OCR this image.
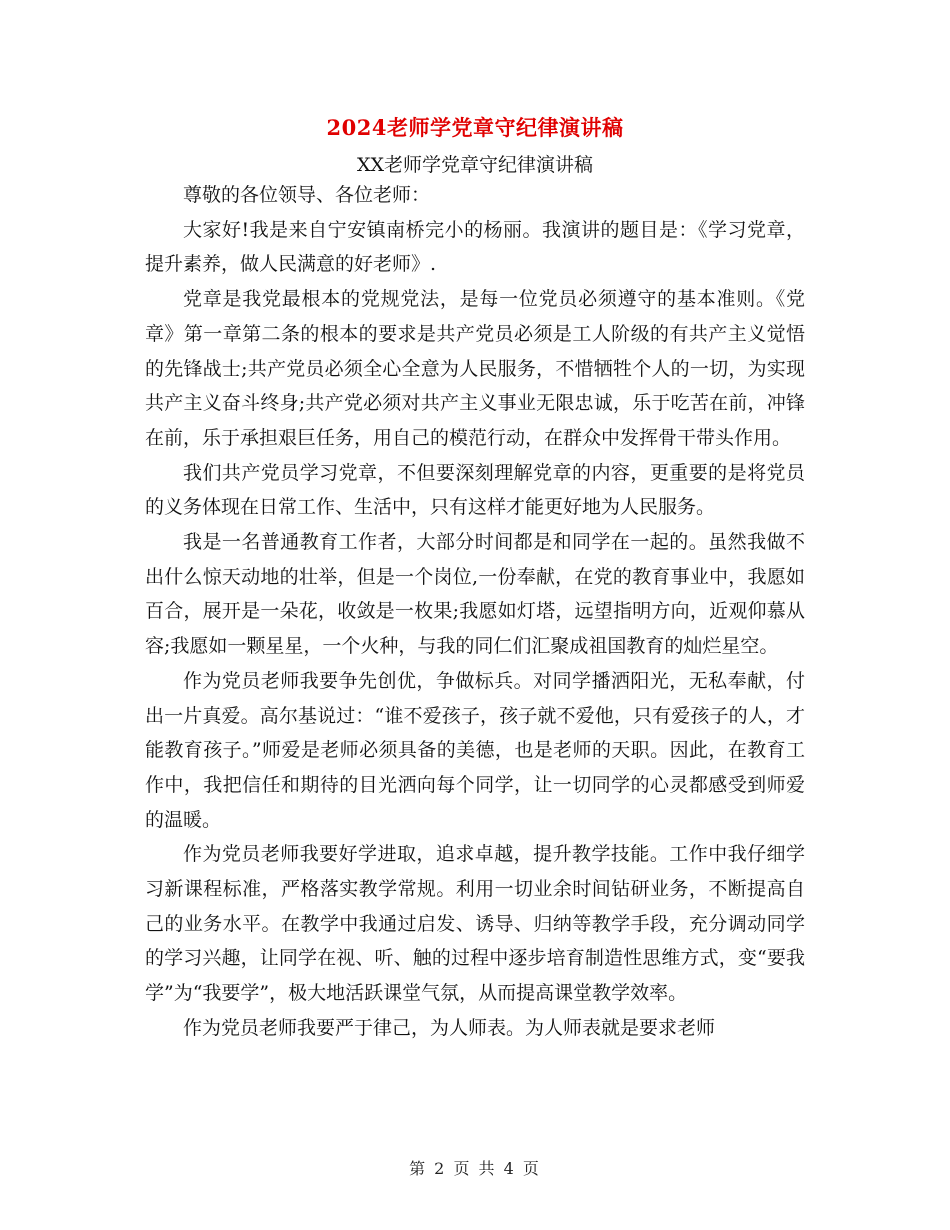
2024老师学党章守纪律演讲稿
XX老师学党章守纪律演讲稿

尊敬的各位领导、各位老师：

大家好!我是来自宁安镇南桥完小的杨丽。我演讲的题目是：《学习党章，提升素养，做人民满意的好老师》.

党章是我党最根本的党规党法，是每一位党员必须遵守的基本准则。《党章》第一章第二条的根本的要求是共产党员必须是工人阶级的有共产主义觉悟的先锋战士;共产党员必须全心全意为人民服务，不惜牺牲个人的一切，为实现共产主义奋斗终身;共产党必须对共产主义事业无限忠诚，乐于吃苦在前，冲锋在前，乐于承担艰巨任务，用自己的模范行动，在群众中发挥骨干带头作用。

我们共产党员学习党章，不但要深刻理解党章的内容，更重要的是将党员的义务体现在日常工作、生活中，只有这样才能更好地为人民服务。

我是一名普通教育工作者，大部分时间都是和同学在一起的。虽然我做不出什么惊天动地的壮举，但是一个岗位,一份奉献，在党的教育事业中，我愿如百合，展开是一朵花，收敛是一枚果;我愿如灯塔，远望指明方向，近观仰慕从容;我愿如一颗星星，一个火种，与我的同仁们汇聚成祖国教育的灿烂星空。

作为党员老师我要争先创优，争做标兵。对同学播洒阳光，无私奉献，付出一片真爱。高尔基说过：“谁不爱孩子，孩子就不爱他，只有爱孩子的人，才能教育孩子。”师爱是老师必须具备的美德，也是老师的天职。因此，在教育工作中，我把信任和期待的目光洒向每个同学，让一切同学的心灵都感受到师爱的温暖。

作为党员老师我要好学进取，追求卓越，提升教学技能。工作中我仔细学习新课程标准，严格落实教学常规。利用一切业余时间钻研业务，不断提高自己的业务水平。在教学中我通过启发、诱导、归纳等教学手段，充分调动同学的学习兴趣，让同学在视、听、触的过程中逐步培育制造性思维方式，变“要我学”为“我要学”，极大地活跃课堂气氛，从而提高课堂教学效率。

作为党员老师我要严于律己，为人师表。为人师表就是要求老师

第 2 页 共 4 页
